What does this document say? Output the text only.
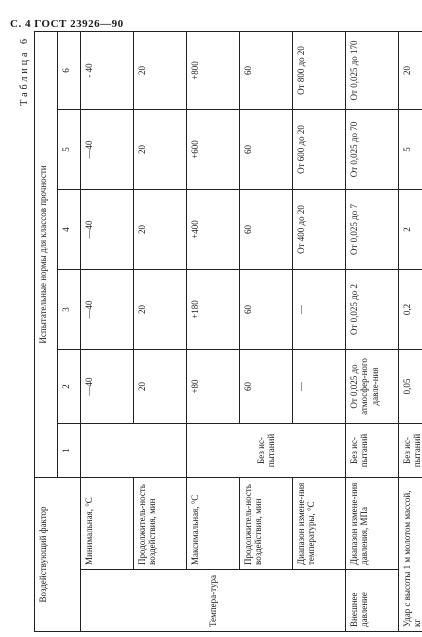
С. 4 ГОСТ 23926—90
Таблица 6
Воздействующий фактор		Испытательные нормы для классов прочности					
		1	2	3	4	5	6
Темпера-тура	Минимальная, °С		—40	—40	—40	—40	- 40
	Продолжитель-ность воздействия, мин		20	20	20	20	20
	Максимальная, °С	Без ис-пытаний	+80	+180	+400	+600	+800
	Продолжитель-ность воздействия, мин		60	60	60	60	60
	Диапазон измене-ния температуры, °С		—	—	От 400 до 20	От 600 до 20	От 800 до 20
Внешнее давление	Диапазон измене-ния давления, МПа	Без ис-пытаний	От 0,025 до атмосфер-ного давле-ния	От 0,025 до 2	От 0,025 до 7	От 0,025 до 70	От 0,025 до 170
Удар с высоты 1 м молотом массой, кг		Без ис-пытаний	0,05	0,2	2	5	20
